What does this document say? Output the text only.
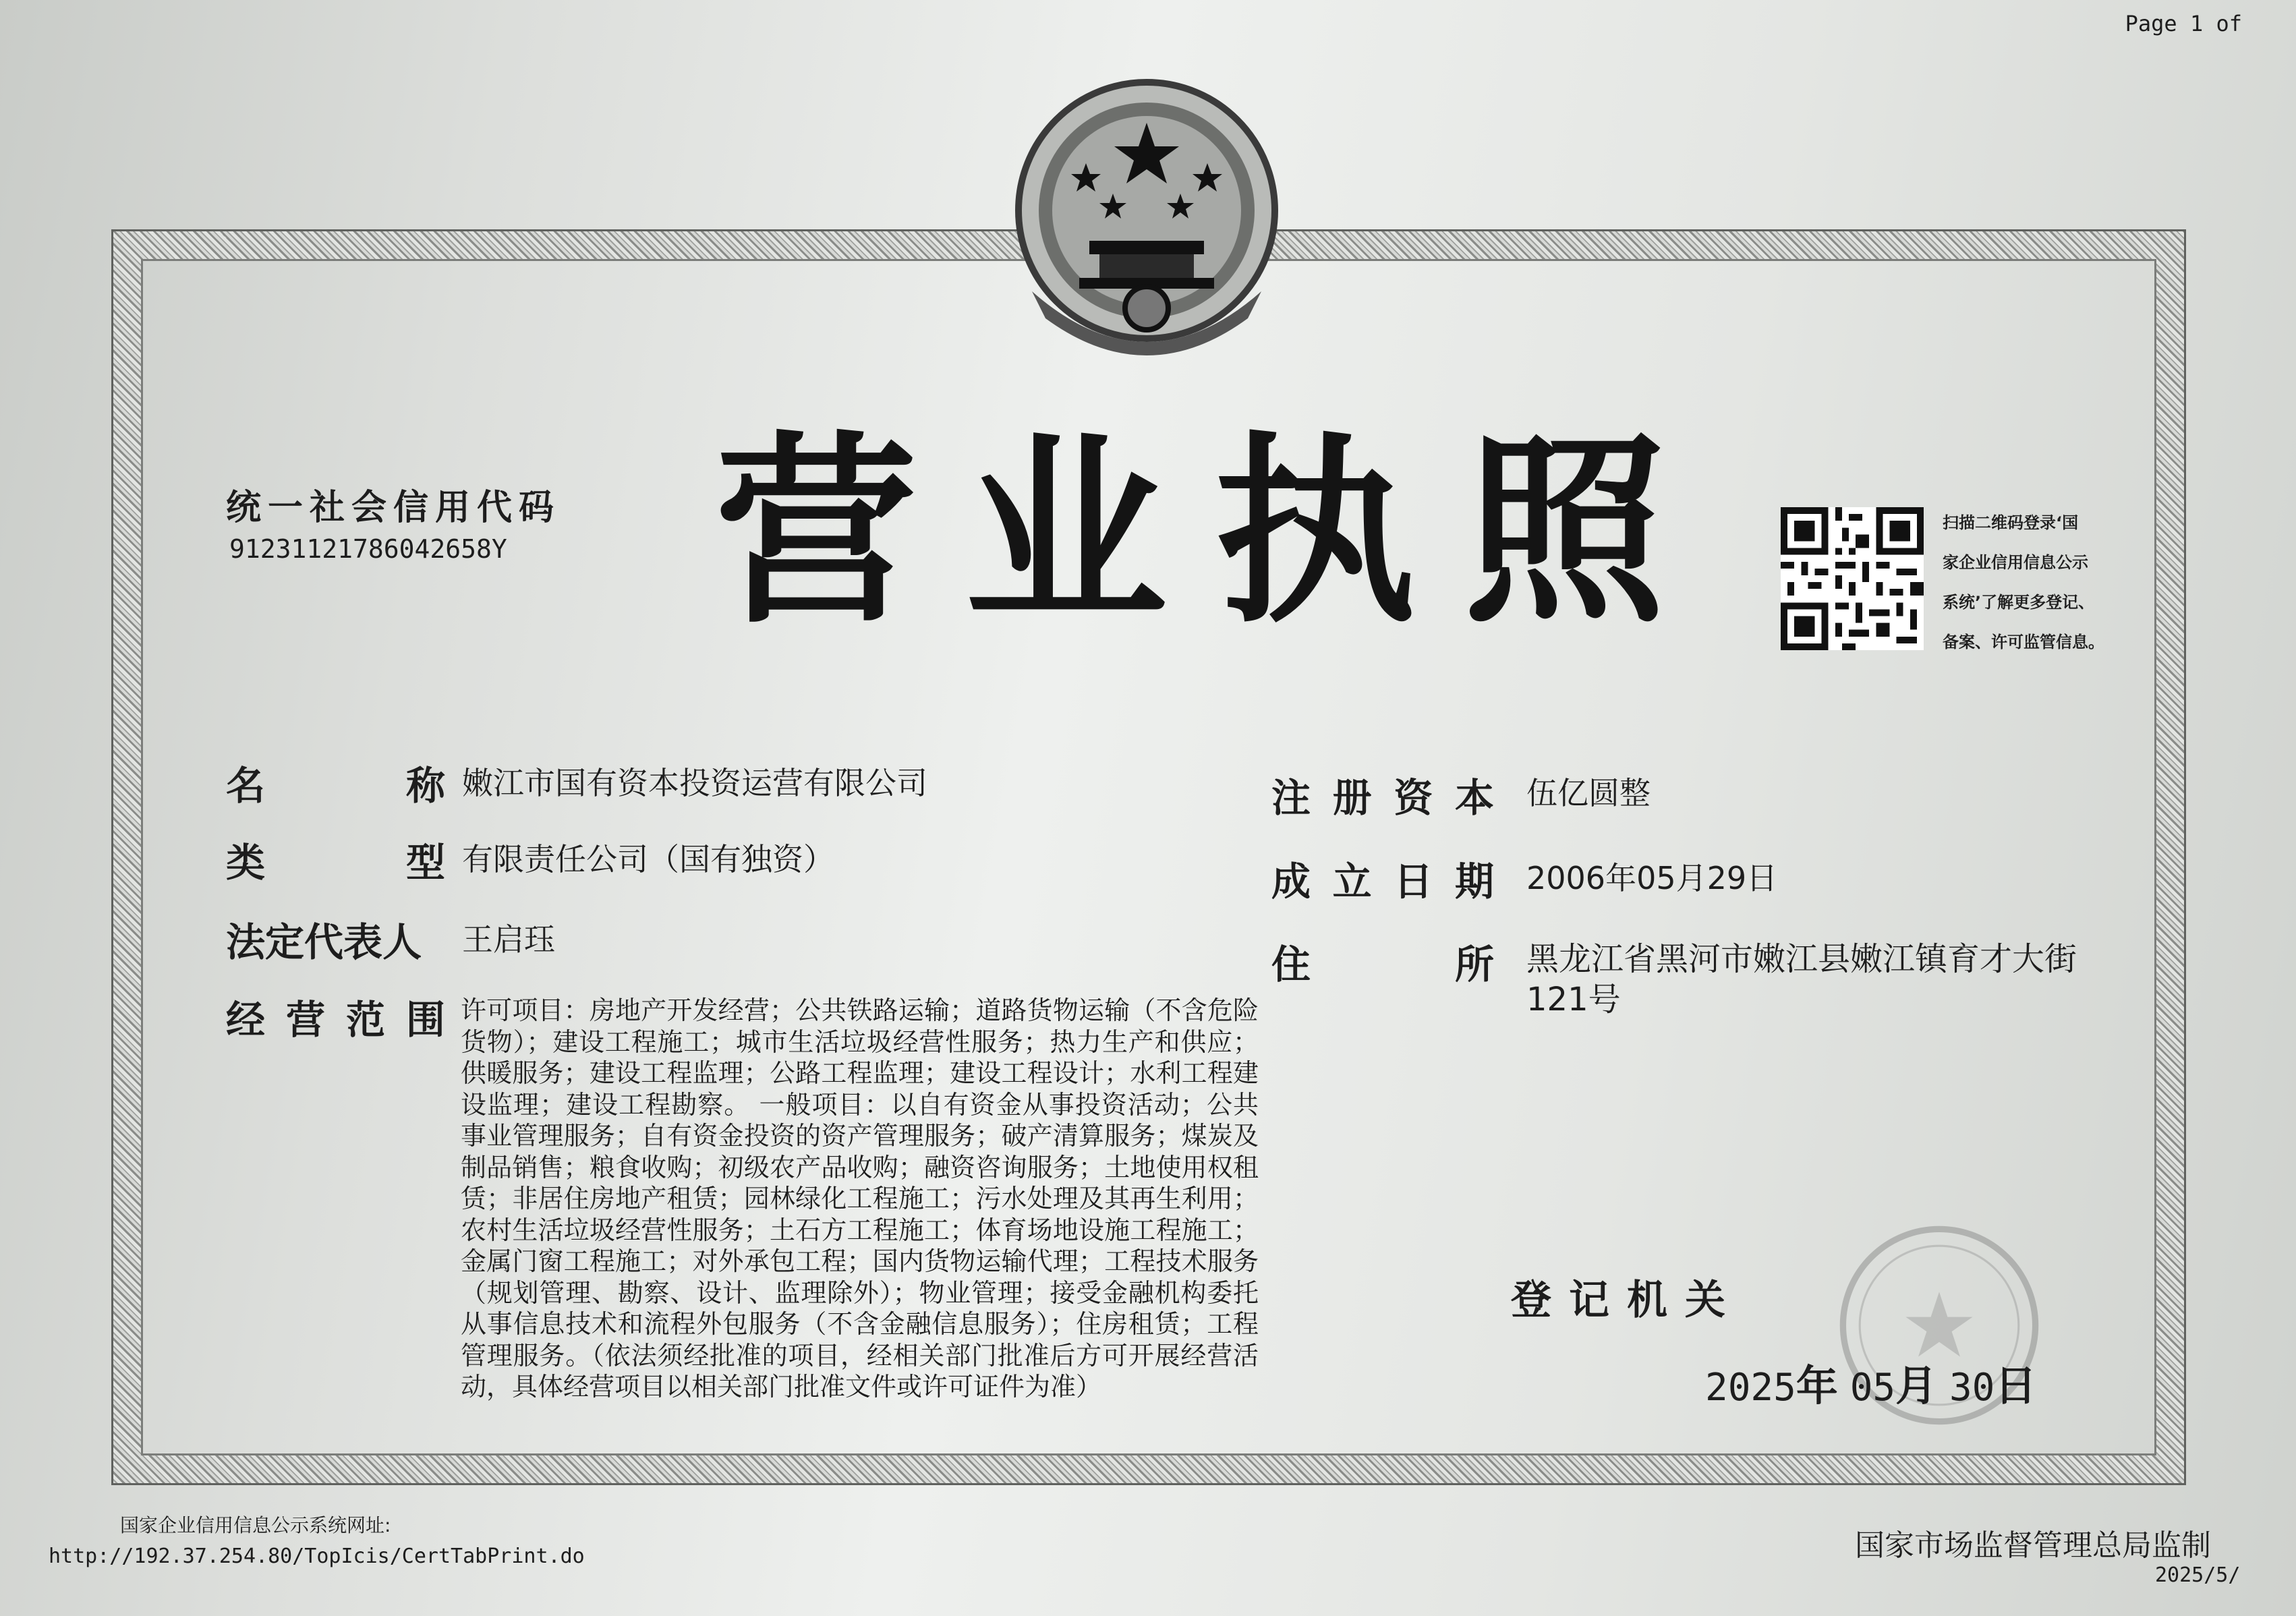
Page 1 of
统一社会信用代码
91231121786042658Y 营业执照	扫描二维码登录‘国
家企业信用信息公示
系统’了解更多登记、
备案、许可监管信息。
名	称 嫩江市国有资本投资运营有限公司
类	型 有限责任公司（国有独资）
法 定 代 表 人 王启珏
经 营 范 围 许可项目：房地产开发经营；公共铁路运输；道路货物运输（不含危险货物）；建设工程施工；城市生活垃圾经营性服务；热力生产和供应；供暖服务；建设工程监理；公路工程监理；建设工程设计；水利工程建设监理；建设工程勘察。 一般项目：以自有资金从事投资活动；公共事业管理服务；自有资金投资的资产管理服务；破产清算服务；煤炭及制品销售；粮食收购；初级农产品收购；融资咨询服务；土地使用权租赁；非居住房地产租赁；园林绿化工程施工；污水处理及其再生利用；农村生活垃圾经营性服务；土石方工程施工；体育场地设施工程施工；金属门窗工程施工；对外承包工程；国内货物运输代理；工程技术服务（规划管理、勘察、设计、监理除外）；物业管理；接受金融机构委托从事信息技术和流程外包服务（不含金融信息服务）；住房租赁；工程管理服务。（依法须经批准的项目，经相关部门批准后方可开展经营活动，具体经营项目以相关部门批准文件或许可证件为准）
注 册 资 本 伍亿圆整
成 立 日 期 2006年05月29日
住	所 黑龙江省黑河市嫩江县嫩江镇育才大街121号
登记机关
2025年 05月 30日
国家企业信用信息公示系统网址:
http://192.37.254.80/TopIcis/CertTabPrint.do	国家市场监督管理总局监制
2025/5/
